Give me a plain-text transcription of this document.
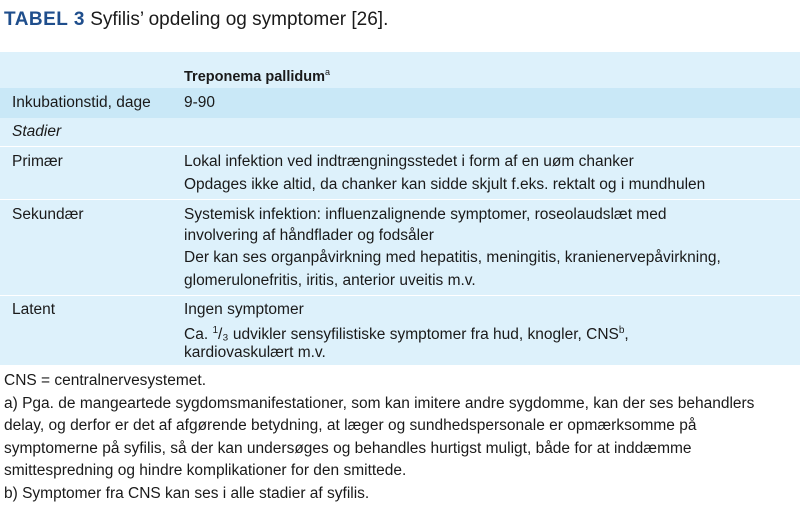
TABEL 3 Syfilis’ opdeling og symptomer [26].
Treponema pallidum$^a$
Inkubationstid, dage 9-90
Stadier
Primær	Lokal infektion ved indtrængningsstedet i form af en uøm chanker
Opdages ikke altid, da chanker kan sidde skjult f.eks. rektalt og i mundhulen
Sekundær	Systemisk infektion: influenzalignende symptomer, roseolaudslæt med
involvering af håndflader og fodsåler
Der kan ses organpåvirkning med hepatitis, meningitis, kranienervepåvirkning,
glomerulonefritis, iritis, anterior uveitis m.v.
Latent	Ingen symptomer
Ca. $^1$/₃ udvikler sensyfilistiske symptomer fra hud, knogler, CNS$^b$,
kardiovaskulært m.v.
CNS = centralnervesystemet.
a) Pga. de mangeartede sygdomsmanifestationer, som kan imitere andre sygdomme, kan der ses behandlers
delay, og derfor er det af afgørende betydning, at læger og sundhedspersonale er opmærksomme på
symptomerne på syfilis, så der kan undersøges og behandles hurtigst muligt, både for at inddæmme
smittespredning og hindre komplikationer for den smittede.
b) Symptomer fra CNS kan ses i alle stadier af syfilis.
